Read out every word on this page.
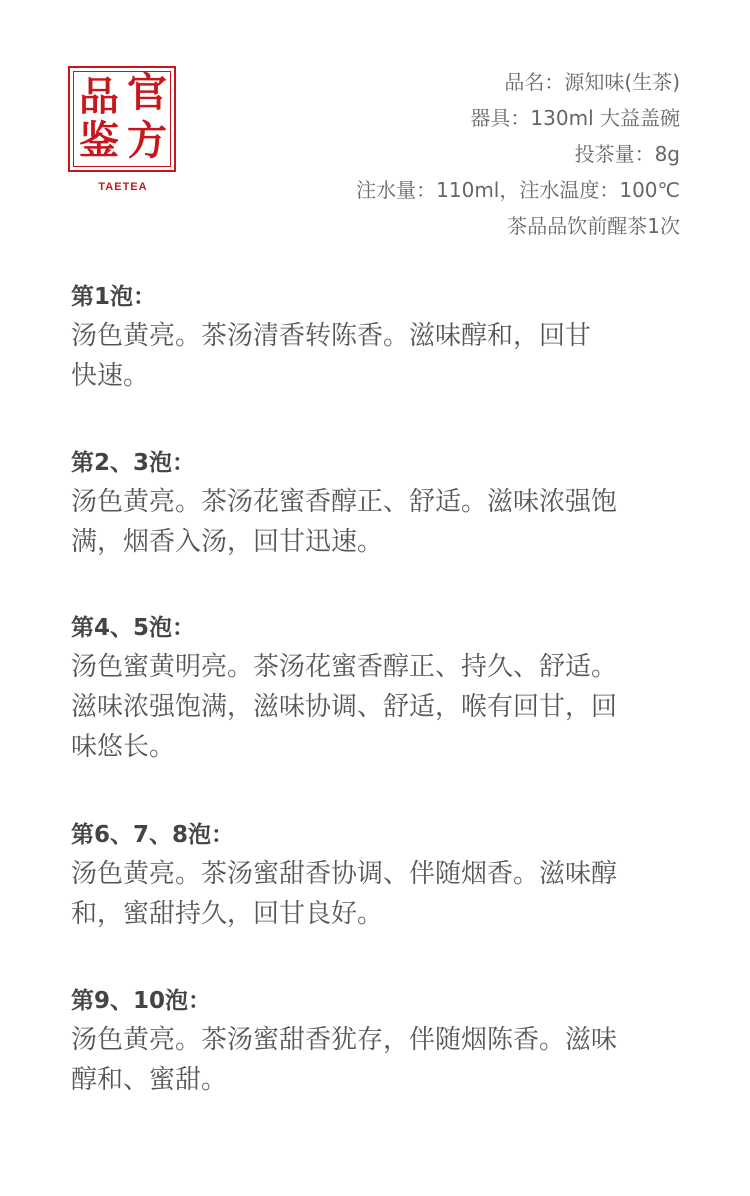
品 官
鉴 方
TAETEA
品名：源知味(生茶)
器具：130ml 大益盖碗
投茶量：8g
注水量：110ml，注水温度：100℃
茶品品饮前醒茶1次
第1泡：
汤色黄亮。茶汤清香转陈香。滋味醇和，回甘
快速。
第2、3泡：
汤色黄亮。茶汤花蜜香醇正、舒适。滋味浓强饱
满，烟香入汤，回甘迅速。
第4、5泡：
汤色蜜黄明亮。茶汤花蜜香醇正、持久、舒适。
滋味浓强饱满，滋味协调、舒适，喉有回甘，回
味悠长。
第6、7、8泡：
汤色黄亮。茶汤蜜甜香协调、伴随烟香。滋味醇
和，蜜甜持久，回甘良好。
第9、10泡：
汤色黄亮。茶汤蜜甜香犹存，伴随烟陈香。滋味
醇和、蜜甜。
